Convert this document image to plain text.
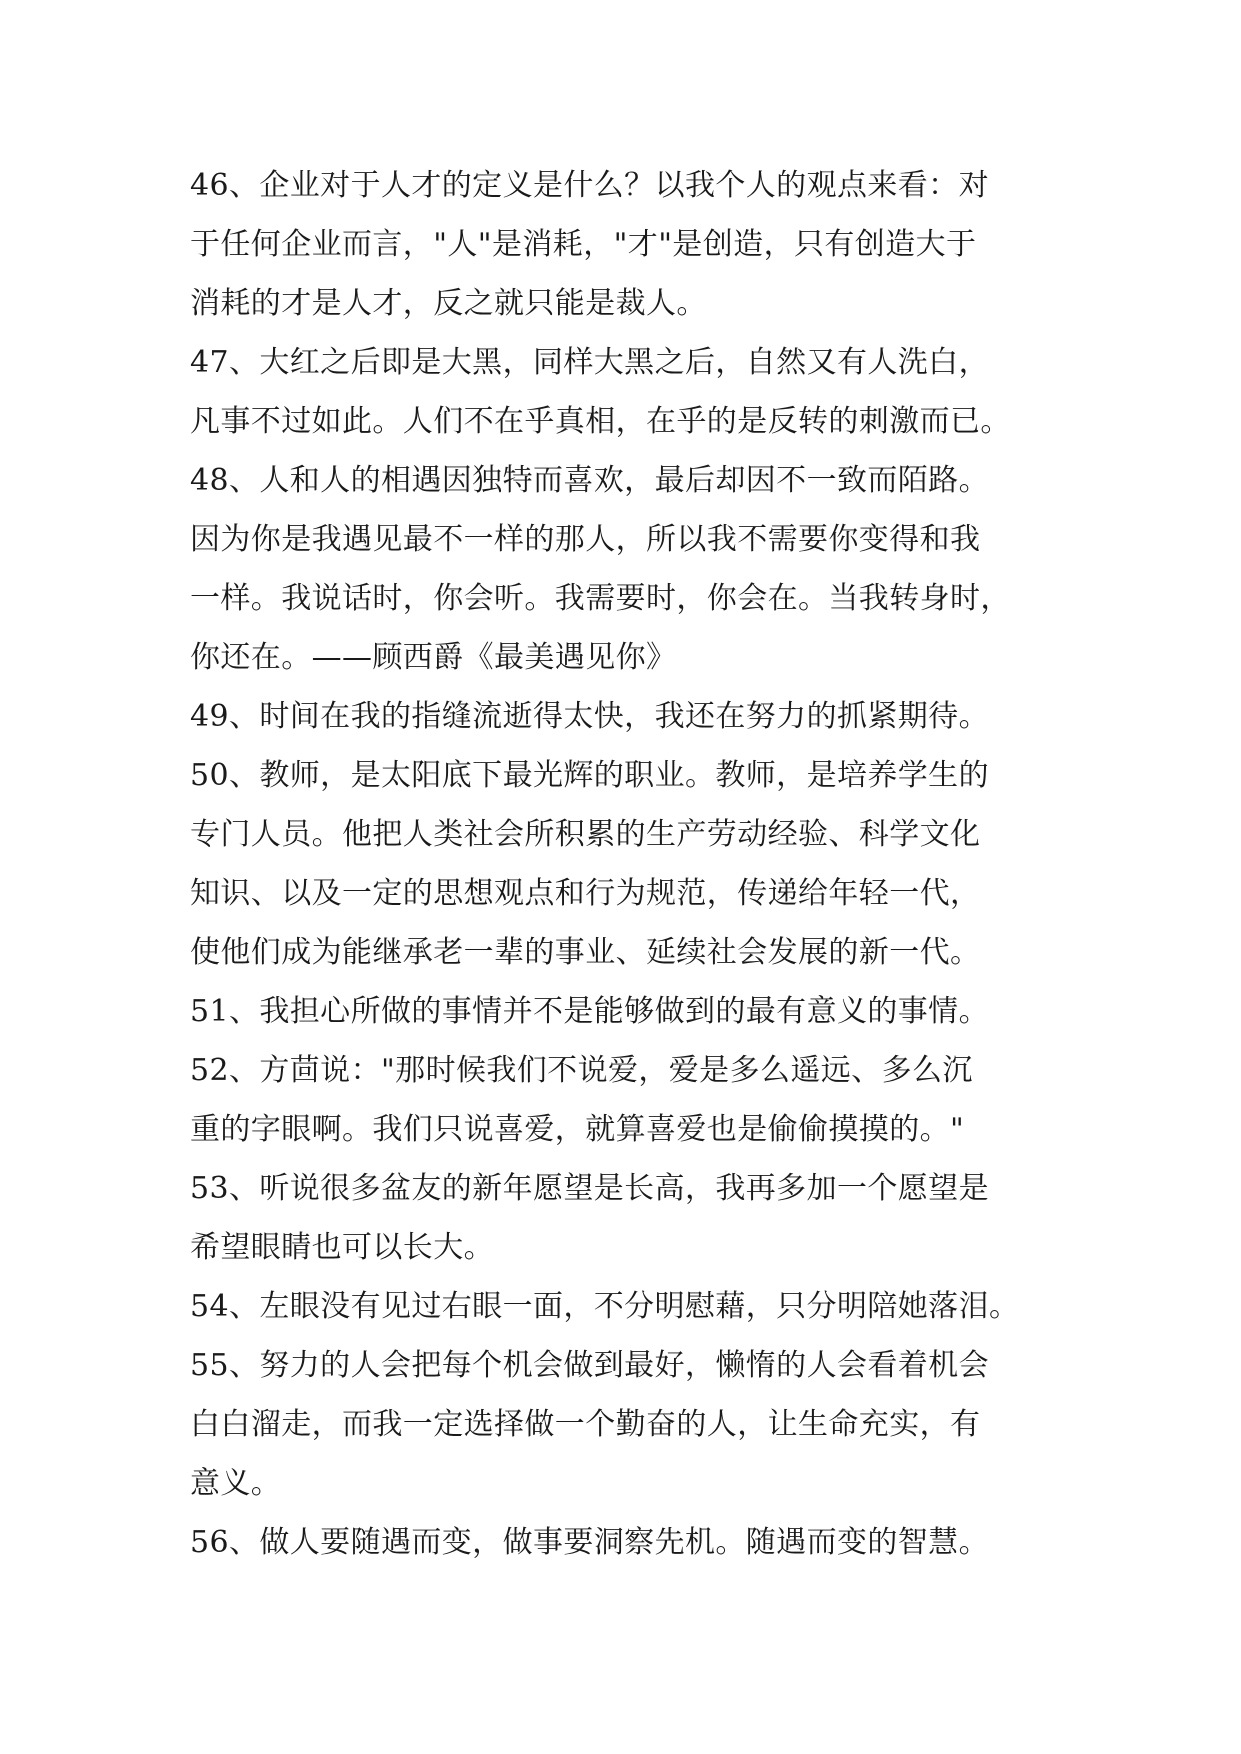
46、企业对于人才的定义是什么？以我个人的观点来看：对
于任何企业而言，"人"是消耗，"才"是创造，只有创造大于
消耗的才是人才，反之就只能是裁人。
47、大红之后即是大黑，同样大黑之后，自然又有人洗白，
凡事不过如此。人们不在乎真相，在乎的是反转的刺激而已。
48、人和人的相遇因独特而喜欢，最后却因不一致而陌路。
因为你是我遇见最不一样的那人，所以我不需要你变得和我
一样。我说话时，你会听。我需要时，你会在。当我转身时，
你还在。——顾西爵《最美遇见你》
49、时间在我的指缝流逝得太快，我还在努力的抓紧期待。
50、教师，是太阳底下最光辉的职业。教师，是培养学生的
专门人员。他把人类社会所积累的生产劳动经验、科学文化
知识、以及一定的思想观点和行为规范，传递给年轻一代，
使他们成为能继承老一辈的事业、延续社会发展的新一代。
51、我担心所做的事情并不是能够做到的最有意义的事情。
52、方茴说："那时候我们不说爱，爱是多么遥远、多么沉
重的字眼啊。我们只说喜爱，就算喜爱也是偷偷摸摸的。"
53、听说很多盆友的新年愿望是长高，我再多加一个愿望是
希望眼睛也可以长大。
54、左眼没有见过右眼一面，不分明慰藉，只分明陪她落泪。
55、努力的人会把每个机会做到最好，懒惰的人会看着机会
白白溜走，而我一定选择做一个勤奋的人，让生命充实，有
意义。
56、做人要随遇而变，做事要洞察先机。随遇而变的智慧。
